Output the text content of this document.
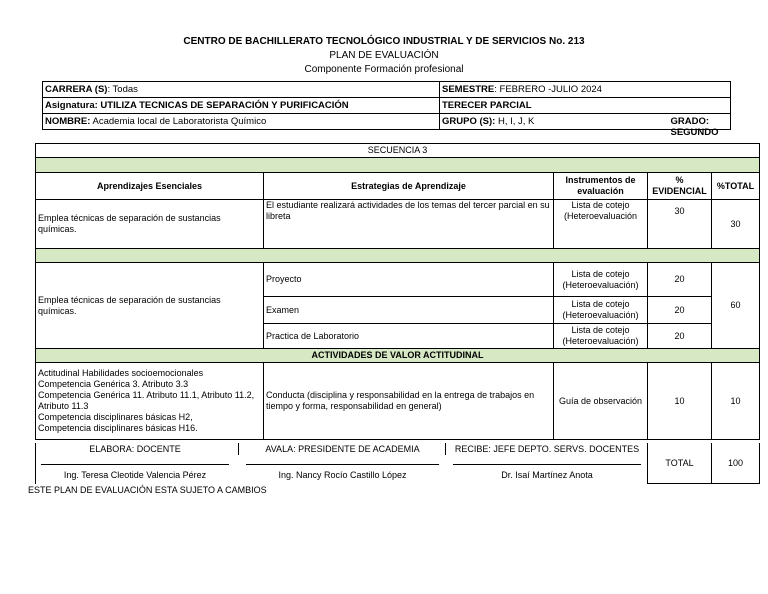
CENTRO DE BACHILLERATO TECNOLÓGICO INDUSTRIAL Y DE SERVICIOS No. 213
PLAN DE EVALUACIÓN
Componente Formación profesional
CARRERA (S): Todas	SEMESTRE: FEBRERO -JULIO 2024
Asignatura: UTILIZA TECNICAS DE SEPARACIÓN Y PURIFICACIÓN	TERECER PARCIAL
NOMBRE: Academia local de Laboratorista Químico	GRUPO (S): H, I, J, K GRADO: SEGUNDO
SECUENCIA 3				

Aprendizajes Esenciales	Estrategias de Aprendizaje	Instrumentos de evaluación	% EVIDENCIAL	%TOTAL
Emplea técnicas de separación de sustancias químicas.	El estudiante realizará actividades de los temas del tercer parcial en su libreta	Lista de cotejo (Heteroevaluación	30	30

Emplea técnicas de separación de sustancias químicas.	Proyecto	Lista de cotejo (Heteroevaluación)	20	60
	Examen	Lista de cotejo (Heteroevaluación)	20	
	Practica de Laboratorio	Lista de cotejo (Heteroevaluación)	20	
ACTIVIDADES DE VALOR ACTITUDINAL				

Actitudinal Habilidades socioemocionales
Competencia Genérica 3. Atributo 3.3
Competencia Genérica 11. Atributo 11.1, Atributo 11.2, Atributo 11.3
Competencia disciplinares básicas H2,
Competencia disciplinares básicas H16.	Conducta (disciplina y responsabilidad en la entrega de trabajos en tiempo y forma, responsabilidad en general)	Guía de observación	10	10
ELABORA: DOCENTE
Ing. Teresa Cleotide Valencia Pérez
AVALA: PRESIDENTE DE ACADEMIA
Ing. Nancy Rocío Castillo López
RECIBE: JEFE DEPTO. SERVS. DOCENTES
Dr. Isaí Martínez Anota
TOTAL	100
ESTE PLAN DE EVALUACIÓN ESTA SUJETO A CAMBIOS
